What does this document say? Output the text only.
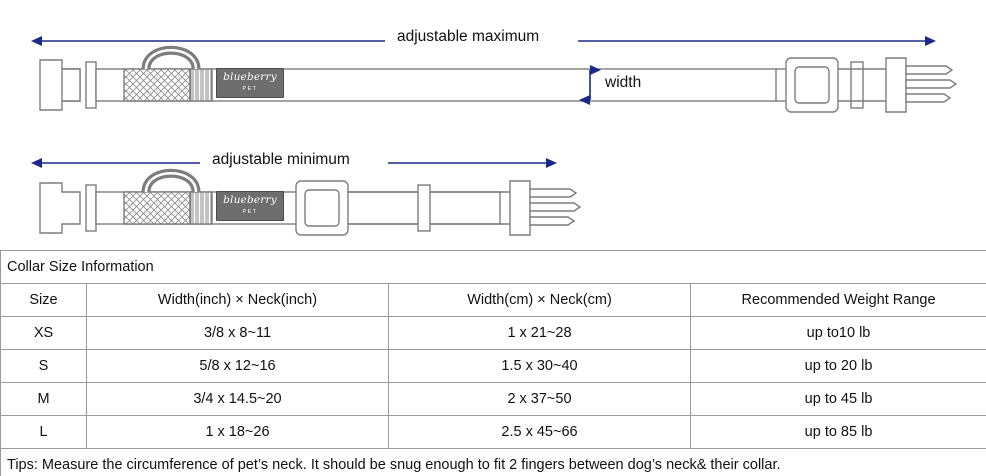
adjustable maximum
adjustable minimum
width
blueberry
PET
blueberry
PET
Collar Size Information			
Size	Width(inch) × Neck(inch)	Width(cm) × Neck(cm)	Recommended Weight Range
XS	3/8 x 8~11	1 x 21~28	up to10 lb
S	5/8 x 12~16	1.5 x 30~40	up to 20 lb
M	3/4 x 14.5~20	2 x 37~50	up to 45 lb
L	1 x 18~26	2.5 x 45~66	up to 85 lb
Tips: Measure the circumference of pet’s neck. It should be snug enough to fit 2 fingers between dog’s neck& their collar.			
